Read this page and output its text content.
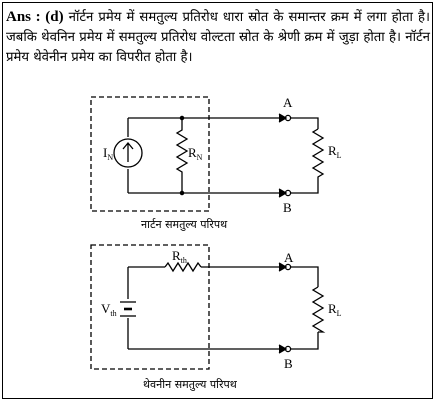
Ans : (d) नॉर्टन प्रमेय में समतुल्य प्रतिरोध धारा स्रोत के समान्तर क्रम में लगा होता है। जबकि थेवनिन प्रमेय में समतुल्य प्रतिरोध वोल्टता स्रोत के श्रेणी क्रम में जुड़ा होता है। नॉर्टन प्रमेय थेवेनीन प्रमेय का विपरीत होता है।

$I_N$	$R_N$	$R_L$
A
B
नार्टन समतुल्य परिपथ
$R_{th}$
$V_{th}$	$R_L$
A
B
थेवनीन समतुल्य परिपथ
